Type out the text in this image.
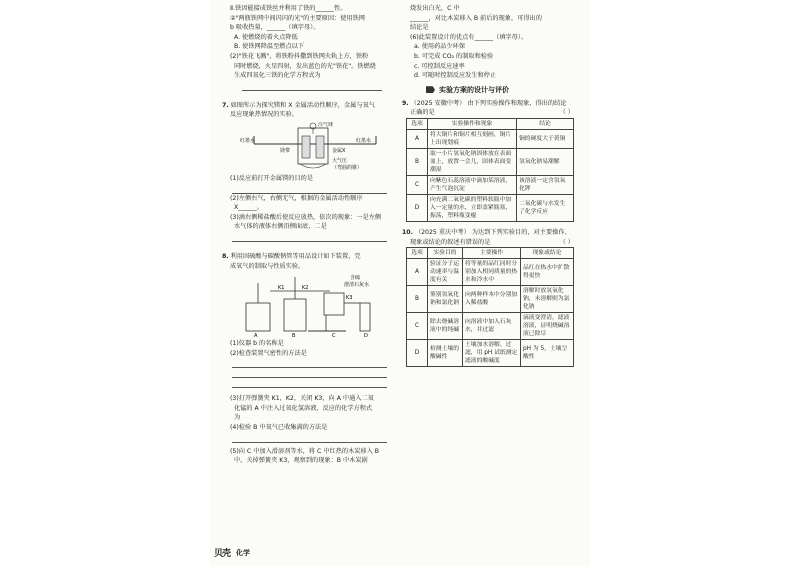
Ⅱ.铁因能接成铁丝并利用了铁的______性。
②"两瓶铁网中间闪闪的光"的主要原因：使用铁网
b 吸收热量，______（填字母）。
A. 使燃烧的着火点降低
B. 使铁网降温至燃点以下
(2)"铁花飞溅"，将铁粉抖撒到铁网火轨上方，铁粉
同时燃烧，火星四射，发出蓝色的光"铁花"。铁燃烧
生成四氧化三铁的化学方程式为
7. 如图所示为探究镁和 X 金属活动性顺序，金属与氧气
反应现象热情况的实验。
红墨水	红墨水
注气球
镁带	金属X
大气压
（弯曲的锥）
(1)反应前打开金属镁的目的是
(2)左侧右气，右侧无气，根据的金属活动性顺序
X______。
(3)滴右侧稀盐酸后使反应放热，依次的现象：一是左侧
水气体的液体右侧沿侧面底，二是
8. 利用固硫酸与碳酸钠管等用品设计如下装置，完
成氧气的制取与性质实验。
K1	K2
K3
含硫
澄清石灰水
A	B	C	D
(1)仪器 b 的名称是
(2)检查装置气密性的方法是
(3)打开弹簧夹 K1，K2，关闭 K3，向 A 中通入二氧
化锰的 A 中注入过氧化氢溶液，反应的化学方程式
为
(4)检验 B 中氧气已收集满的方法是
(5)向 C 中加入滑溶剂等水，将 C 中红热的木炭移入 B
中，关掉弹簧夹 K3，观察到的现象：B 中木炭剧
烧发出白光，C 中
______，对比木炭移入 B 前后的现象，可得出的
结论是
(6)此装置设计的优点有______（填字母）。
a. 使用药品少环保
b. 可完成 CO₂ 的制取和检验
c. 可控制反应速率
d. 可随时控制反应发生和停止
实验方案的设计与评价
9. （2025 安徽中考） 由下列实验操作和现象，得出的结论
正确的是	（ ）
选项	实验操作和现象	结论
A	将大铜片和铜片相互刻画，铜片上出现划痕	铜的硬度大于黄铜
B	取一小片氢氧化钠固体放在表面皿上，放置一会儿，固体表面变潮湿	氢氧化钠易潮解
C	向紫色石蕊溶液中滴加某溶液，产生气泡沉淀	该溶液一定含氢氧化钾
D	向充满二氧化碳的塑料软瓶中加入一定量的水，立即盖紧瓶塞，振荡，塑料瓶变瘪	二氧化碳与水发生了化学反应
10. （2025 重庆中考） 为达到下列实验目的，对主要操作、
现象或结论的叙述有错误的是	（ ）
选项	实验目的	主要操作	现象或结论
A	验证分子运动速率与温度有关	将等量的品红同时分别加入相同质量的热水和冷水中	品红在热水中扩散得更快
B	鉴别氢氧化钠和氯化钠	向两种样本中分别加入稀盐酸	溶解时放氢氧化钠，未溶解则为氯化钠
C	除去烧碱溶液中的纯碱	向溶液中加入石灰水，并过滤	滴液变澄清，滤液溶液，证明烧碱溶液已除尽
D	检测土壤的酸碱性	土壤加水溶解、过滤，用 pH 试纸测定滤液的酸碱度	pH 为 5，土壤呈酸性
贝壳 化学
